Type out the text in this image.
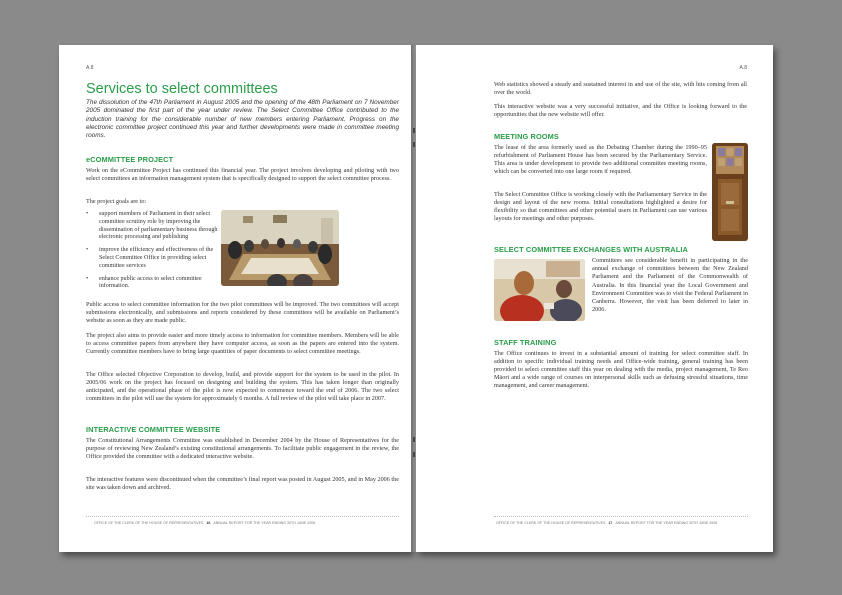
A.8
Services to select committees

The dissolution of the 47th Parliament in August 2005 and the opening of the 48th Parliament on 7 November 2005 dominated the first part of the year under review. The Select Committee Office contributed to the induction training for the considerable number of new members entering Parliament. Progress on the electronic committee project continued this year and further developments were made in committee meeting rooms.

eCOMMITTEE PROJECT

Work on the eCommittee Project has continued this financial year. The project involves developing and piloting with two select committees an information management system that is specifically designed to support the select committee process.

The project goals are to:

• support members of Parliament in their select committee scrutiny role by improving the dissemination of parliamentary business through electronic processing and publishing
• improve the efficiency and effectiveness of the Select Committee Office in providing select committee services
• enhance public access to select committee information.

Public access to select committee information for the two pilot committees will be improved. The two committees will accept submissions electronically, and submissions and reports considered by these committees will be available on Parliament’s website as soon as they are made public.

The project also aims to provide easier and more timely access to information for committee members. Members will be able to access committee papers from anywhere they have computer access, as soon as the papers are entered into the system. Currently committee members have to bring large quantities of paper documents to select committee meetings.

The Office selected Objective Corporation to develop, build, and provide support for the system to be used in the pilot. In 2005/06 work on the project has focused on designing and building the system. This has taken longer than originally anticipated, and the operational phase of the pilot is now expected to commence toward the end of 2006. The two select committees in the pilot will use the system for approximately 6 months. A full review of the pilot will take place in 2007.

INTERACTIVE COMMITTEE WEBSITE

The Constitutional Arrangements Committee was established in December 2004 by the House of Representatives for the purpose of reviewing New Zealand’s existing constitutional arrangements. To facilitate public engagement in the review, the Office provided the committee with a dedicated interactive website.

The interactive features were discontinued when the committee’s final report was posted in August 2005, and in May 2006 the site was taken down and archived.

OFFICE OF THE CLERK OF THE HOUSE OF REPRESENTATIVES 16 ANNUAL REPORT FOR THE YEAR ENDING 30TH JUNE 2006
A.8

Web statistics showed a steady and sustained interest in and use of the site, with hits coming from all over the world.

This interactive website was a very successful initiative, and the Office is looking forward to the opportunities that the new website will offer.

MEETING ROOMS

The lease of the area formerly used as the Debating Chamber during the 1990–95 refurbishment of Parliament House has been secured by the Parliamentary Service. This area is under development to provide two additional committee meeting rooms, which can be converted into one large room if required.

The Select Committee Office is working closely with the Parliamentary Service in the design and layout of the new rooms. Initial consultations highlighted a desire for flexibility so that committees and other potential users in Parliament can use various layouts for meetings and other purposes.

SELECT COMMITTEE EXCHANGES WITH AUSTRALIA

Committees see considerable benefit in participating in the annual exchange of committees between the New Zealand Parliament and the Parliament of the Commonwealth of Australia. In this financial year the Local Government and Environment Committee was to visit the Federal Parliament in Canberra. However, the visit has been deferred to later in 2006.

STAFF TRAINING

The Office continues to invest in a substantial amount of training for select committee staff. In addition to specific individual training needs and Office-wide training, general training has been provided to select committee staff this year on dealing with the media, project management, Te Reo Māori and a wide range of courses on interpersonal skills such as defusing stressful situations, time management, and career management.

OFFICE OF THE CLERK OF THE HOUSE OF REPRESENTATIVES 17 ANNUAL REPORT FOR THE YEAR ENDING 30TH JUNE 2006
